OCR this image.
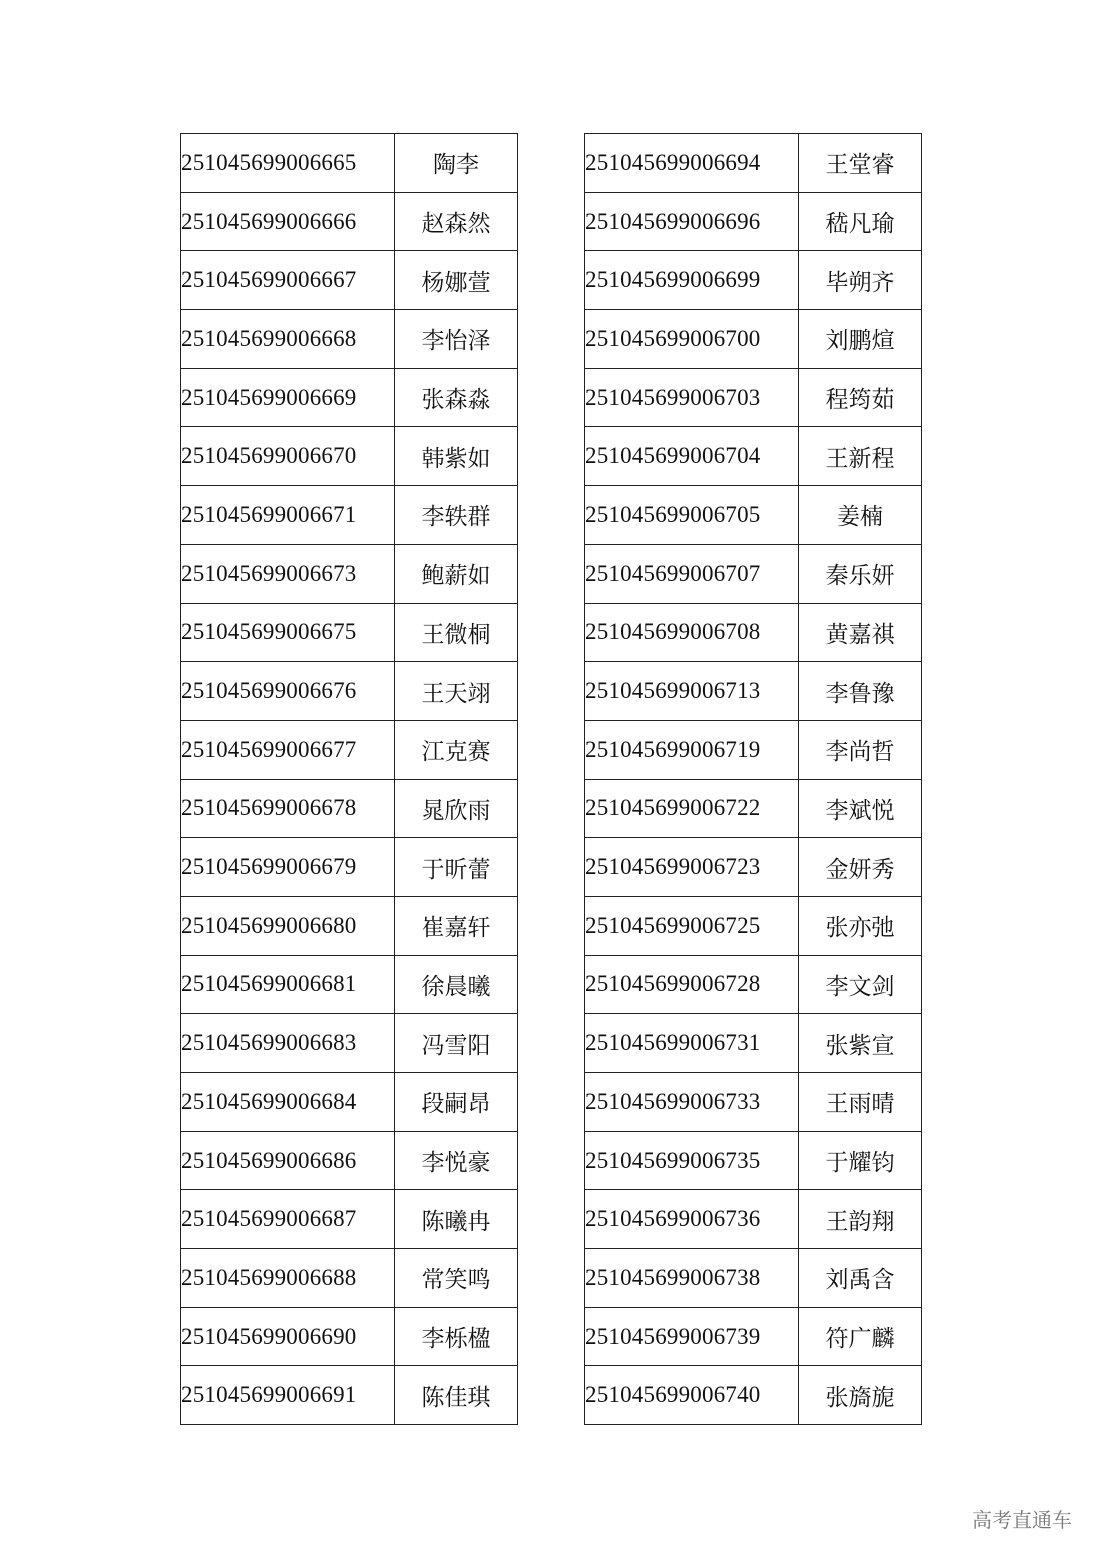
251045699006665	陶李
251045699006666	赵森然
251045699006667	杨娜萱
251045699006668	李怡泽
251045699006669	张森淼
251045699006670	韩紫如
251045699006671	李轶群
251045699006673	鲍薪如
251045699006675	王微桐
251045699006676	王天翊
251045699006677	江克赛
251045699006678	晁欣雨
251045699006679	于昕蕾
251045699006680	崔嘉轩
251045699006681	徐晨曦
251045699006683	冯雪阳
251045699006684	段嗣昂
251045699006686	李悦豪
251045699006687	陈曦冉
251045699006688	常笑鸣
251045699006690	李栎楹
251045699006691	陈佳琪
251045699006694	王堂睿
251045699006696	嵇凡瑜
251045699006699	毕朔齐
251045699006700	刘鹏煊
251045699006703	程筠茹
251045699006704	王新程
251045699006705	姜楠
251045699006707	秦乐妍
251045699006708	黄嘉祺
251045699006713	李鲁豫
251045699006719	李尚哲
251045699006722	李斌悦
251045699006723	金妍秀
251045699006725	张亦弛
251045699006728	李文剑
251045699006731	张紫宣
251045699006733	王雨晴
251045699006735	于耀钧
251045699006736	王韵翔
251045699006738	刘禹含
251045699006739	符广麟
251045699006740	张旖旎
高考直通车
